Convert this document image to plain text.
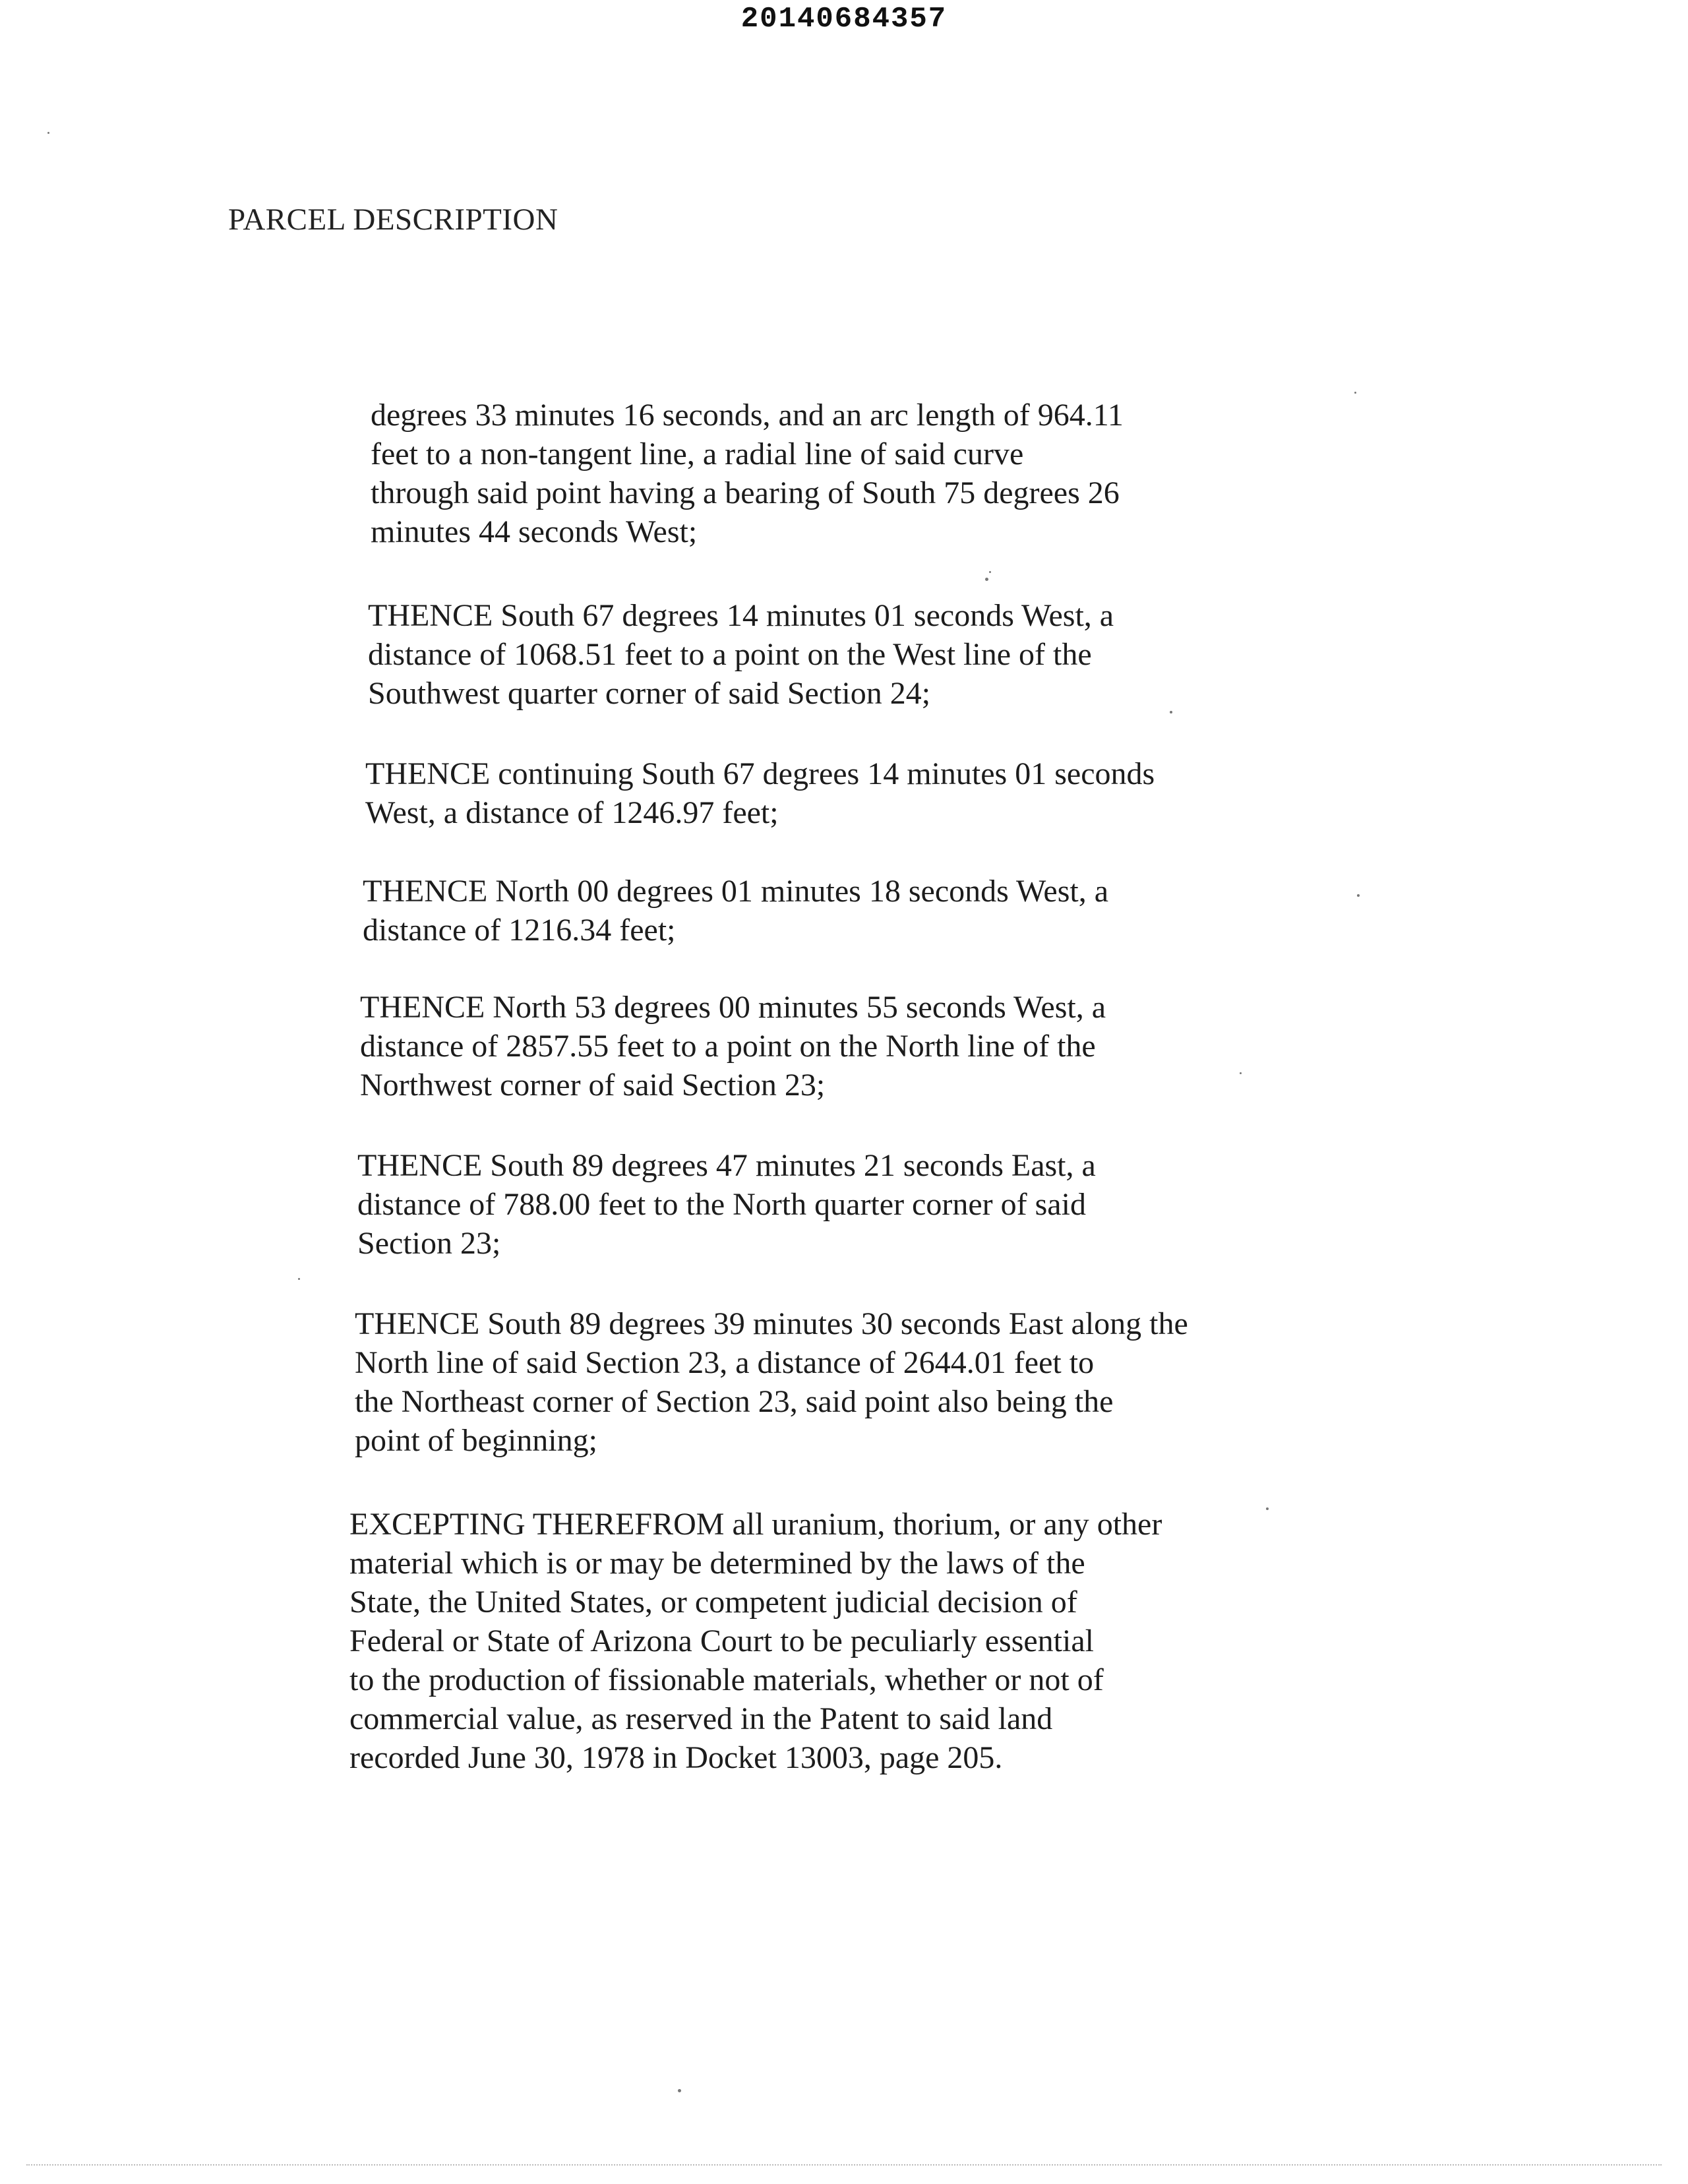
20140684357
PARCEL DESCRIPTION

degrees 33 minutes 16 seconds, and an arc length of 964.11
feet to a non-tangent line, a radial line of said curve
through said point having a bearing of South 75 degrees 26
minutes 44 seconds West;

THENCE South 67 degrees 14 minutes 01 seconds West, a
distance of 1068.51 feet to a point on the West line of the
Southwest quarter corner of said Section 24;

THENCE continuing South 67 degrees 14 minutes 01 seconds
West, a distance of 1246.97 feet;

THENCE North 00 degrees 01 minutes 18 seconds West, a
distance of 1216.34 feet;

THENCE North 53 degrees 00 minutes 55 seconds West, a
distance of 2857.55 feet to a point on the North line of the
Northwest corner of said Section 23;

THENCE South 89 degrees 47 minutes 21 seconds East, a
distance of 788.00 feet to the North quarter corner of said
Section 23;

THENCE South 89 degrees 39 minutes 30 seconds East along the
North line of said Section 23, a distance of 2644.01 feet to
the Northeast corner of Section 23, said point also being the
point of beginning;

EXCEPTING THEREFROM all uranium, thorium, or any other
material which is or may be determined by the laws of the
State, the United States, or competent judicial decision of
Federal or State of Arizona Court to be peculiarly essential
to the production of fissionable materials, whether or not of
commercial value, as reserved in the Patent to said land
recorded June 30, 1978 in Docket 13003, page 205.
